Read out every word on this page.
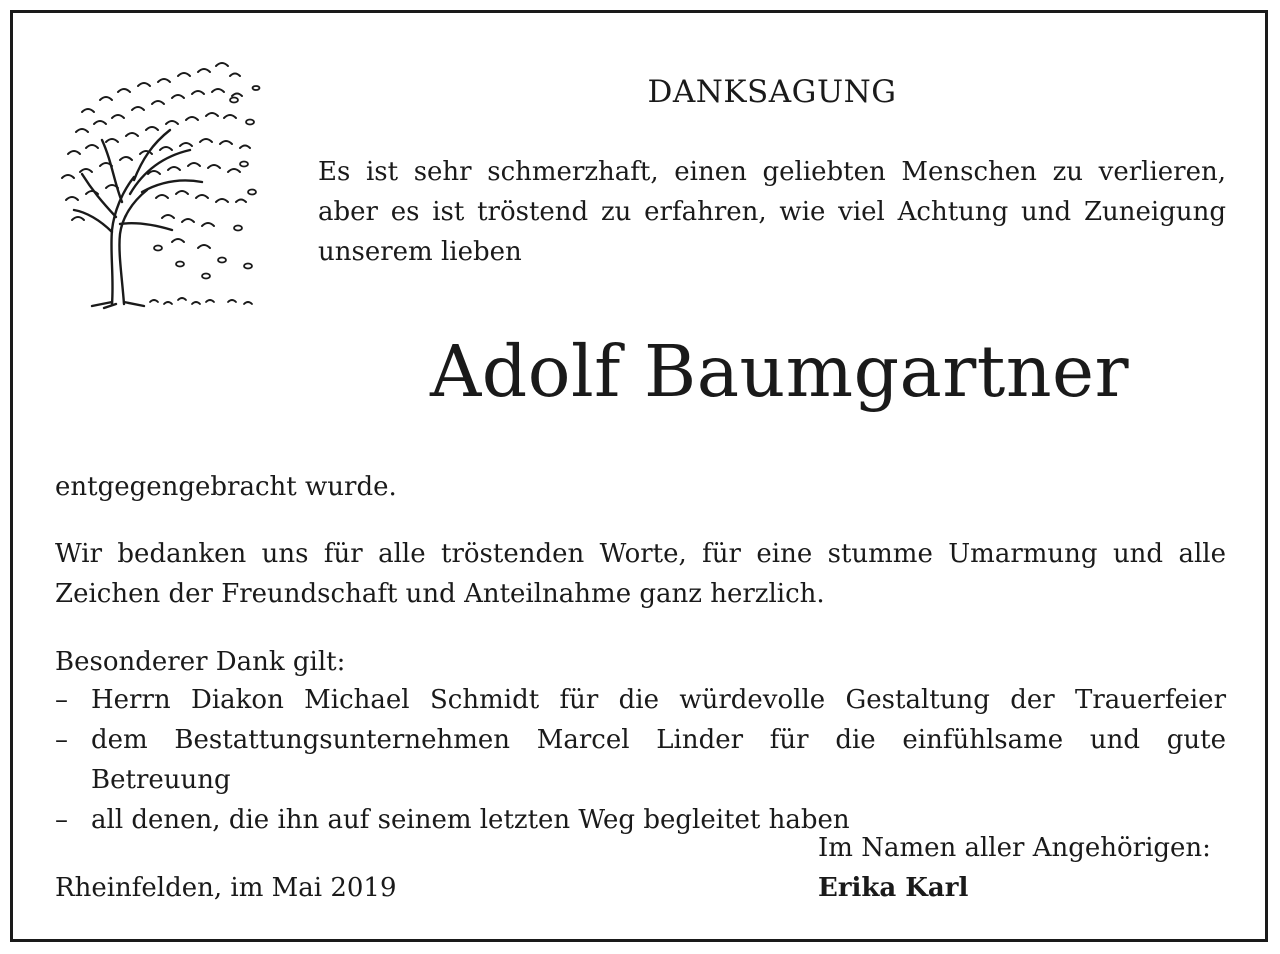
DANKSAGUNG
Es ist sehr schmerzhaft, einen geliebten Menschen zu verlieren, aber es ist tröstend zu erfahren, wie viel Achtung und Zuneigung unserem lieben
Adolf Baumgartner
entgegengebracht wurde.
Wir bedanken uns für alle tröstenden Worte, für eine stumme Umarmung und alle Zeichen der Freundschaft und Anteilnahme ganz herzlich.
Besonderer Dank gilt:
– Herrn Diakon Michael Schmidt für die würdevolle Gestaltung der Trauerfeier
– dem Bestattungsunternehmen Marcel Linder für die einfühlsame und gute Betreuung
– all denen, die ihn auf seinem letzten Weg begleitet haben
Im Namen aller Angehörigen:
Rheinfelden, im Mai 2019	Erika Karl
